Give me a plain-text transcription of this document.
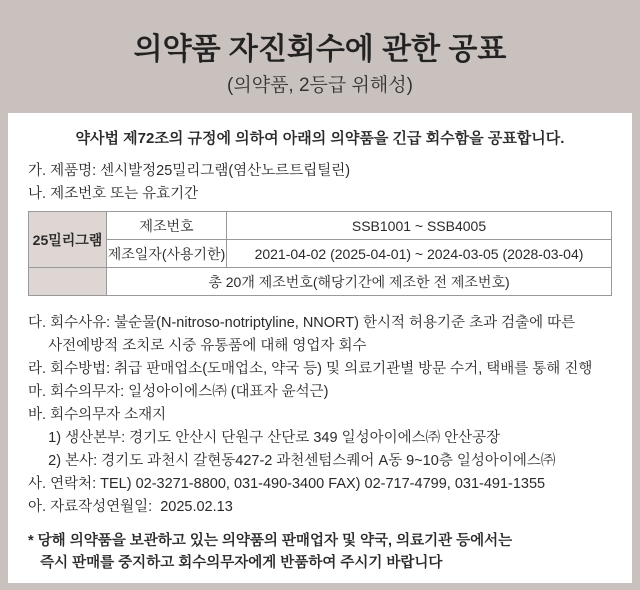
의약품 자진회수에 관한 공표
(의약품, 2등급 위해성)
약사법 제72조의 규정에 의하여 아래의 의약품을 긴급 회수함을 공표합니다.
가. 제품명: 센시발정25밀리그램(염산노르트립틸린)
나. 제조번호 또는 유효기간
25밀리그램	제조번호	SSB1001 ~ SSB4005
	제조일자(사용기한)	2021-04-02 (2025-04-01) ~ 2024-03-05 (2028-03-04)
	총 20개 제조번호(해당기간에 제조한 전 제조번호)	
다. 회수사유: 불순물(N-nitroso-notriptyline, NNORT) 한시적 허용기준 초과 검출에 따른
사전예방적 조치로 시중 유통품에 대해 영업자 회수
라. 회수방법: 취급 판매업소(도매업소, 약국 등) 및 의료기관별 방문 수거, 택배를 통해 진행
마. 회수의무자: 일성아이에스㈜ (대표자 윤석근)
바. 회수의무자 소재지
1) 생산본부: 경기도 안산시 단원구 산단로 349 일성아이에스㈜ 안산공장
2) 본사: 경기도 과천시 갈현동427-2 과천센텀스퀘어 A동 9~10층 일성아이에스㈜
사. 연락처: TEL) 02-3271-8800, 031-490-3400 FAX) 02-717-4799, 031-491-1355
아. 자료작성연월일:  2025.02.13
* 당해 의약품을 보관하고 있는 의약품의 판매업자 및 약국, 의료기관 등에서는
즉시 판매를 중지하고 회수의무자에게 반품하여 주시기 바랍니다
